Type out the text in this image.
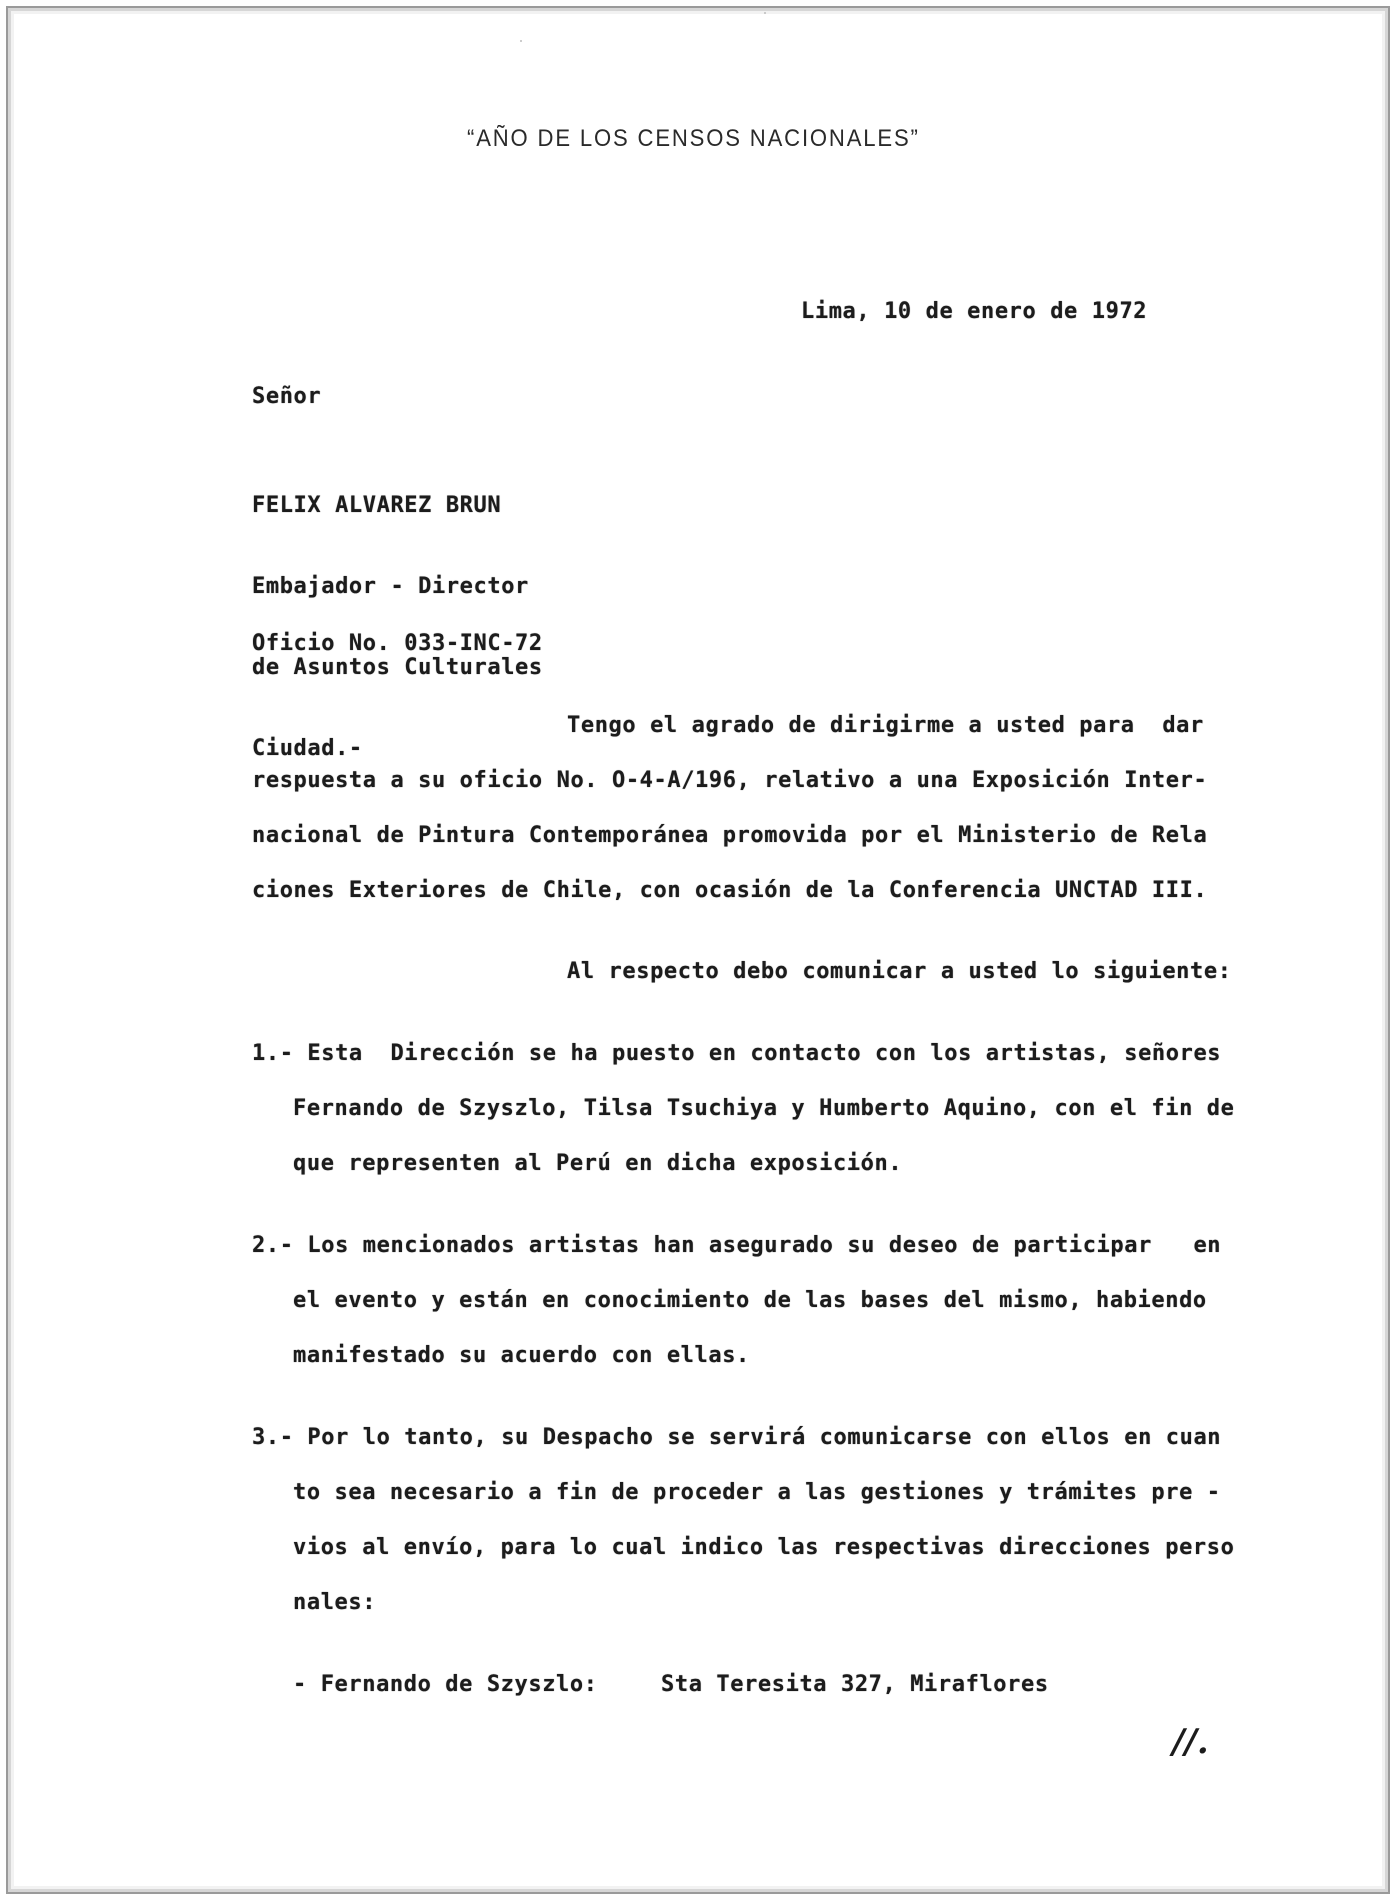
“AÑO DE LOS CENSOS NACIONALES”
Lima, 10 de enero de 1972
Señor

FELIX ALVAREZ BRUN

Embajador - Director

de Asuntos Culturales

Ciudad.-

Oficio No. 033-INC-72
Tengo el agrado de dirigirme a usted para  dar
respuesta a su oficio No. O-4-A/196, relativo a una Exposición Inter-
nacional de Pintura Contemporánea promovida por el Ministerio de Rela
ciones Exteriores de Chile, con ocasión de la Conferencia UNCTAD III.
Al respecto debo comunicar a usted lo siguiente:
1.- Esta  Dirección se ha puesto en contacto con los artistas, señores
Fernando de Szyszlo, Tilsa Tsuchiya y Humberto Aquino, con el fin de
que representen al Perú en dicha exposición.
2.- Los mencionados artistas han asegurado su deseo de participar   en
el evento y están en conocimiento de las bases del mismo, habiendo
manifestado su acuerdo con ellas.
3.- Por lo tanto, su Despacho se servirá comunicarse con ellos en cuan
to sea necesario a fin de proceder a las gestiones y trámites pre -
vios al envío, para lo cual indico las respectivas direcciones perso
nales:
- Fernando de Szyszlo:	Sta Teresita 327, Miraflores
//.
